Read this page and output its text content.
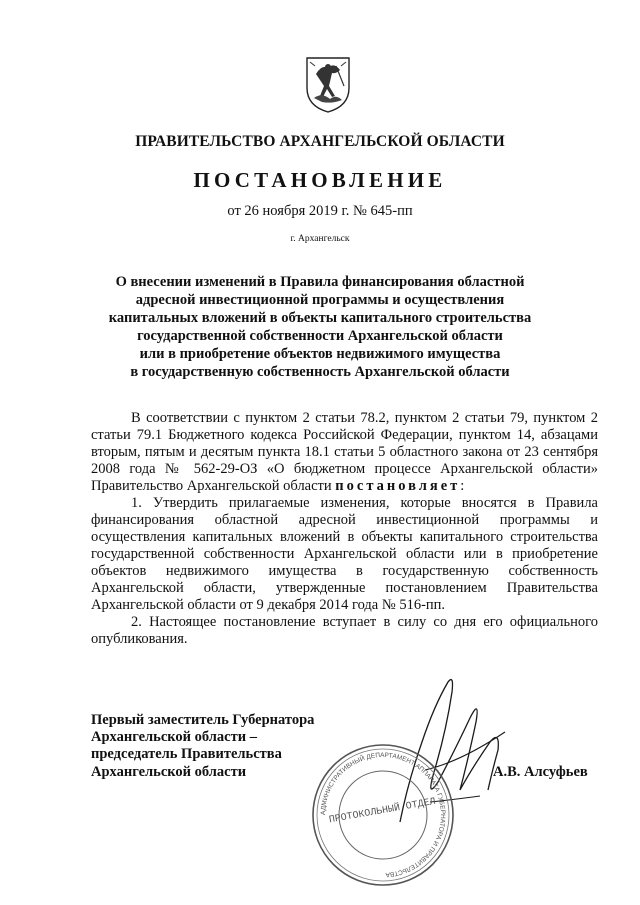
ПРАВИТЕЛЬСТВО АРХАНГЕЛЬСКОЙ ОБЛАСТИ
ПОСТАНОВЛЕНИЕ
от 26 ноября 2019 г. № 645-пп
г. Архангельск
О внесении изменений в Правила финансирования областной
адресной инвестиционной программы и осуществления
капитальных вложений в объекты капитального строительства
государственной собственности Архангельской области
или в приобретение объектов недвижимого имущества
в государственную собственность Архангельской области

В соответствии с пунктом 2 статьи 78.2, пунктом 2 статьи 79, пунктом 2 статьи 79.1 Бюджетного кодекса Российской Федерации, пунктом 14, абзацами вторым, пятым и десятым пункта 18.1 статьи 5 областного закона от 23 сентября 2008 года № 562-29-ОЗ «О бюджетном процессе Архангельской области» Правительство Архангельской области постановляет:

1. Утвердить прилагаемые изменения, которые вносятся в Правила финансирования областной адресной инвестиционной программы и осуществления капитальных вложений в объекты капитального строительства государственной собственности Архангельской области или в приобретение объектов недвижимого имущества в государственную собственность Архангельской области, утвержденные постановлением Правительства Архангельской области от 9 декабря 2014 года № 516-пп.

2. Настоящее постановление вступает в силу со дня его официального опубликования.

Первый заместитель Губернатора
Архангельской области –
председатель Правительства
Архангельской области	А.В. Алсуфьев
АДМИНИСТРАТИВНЫЙ ДЕПАРТАМЕНТ АППАРАТА ГУБЕРНАТОРА И ПРАВИТЕЛЬСТВА
ПРОТОКОЛЬНЫЙ ОТДЕЛ
